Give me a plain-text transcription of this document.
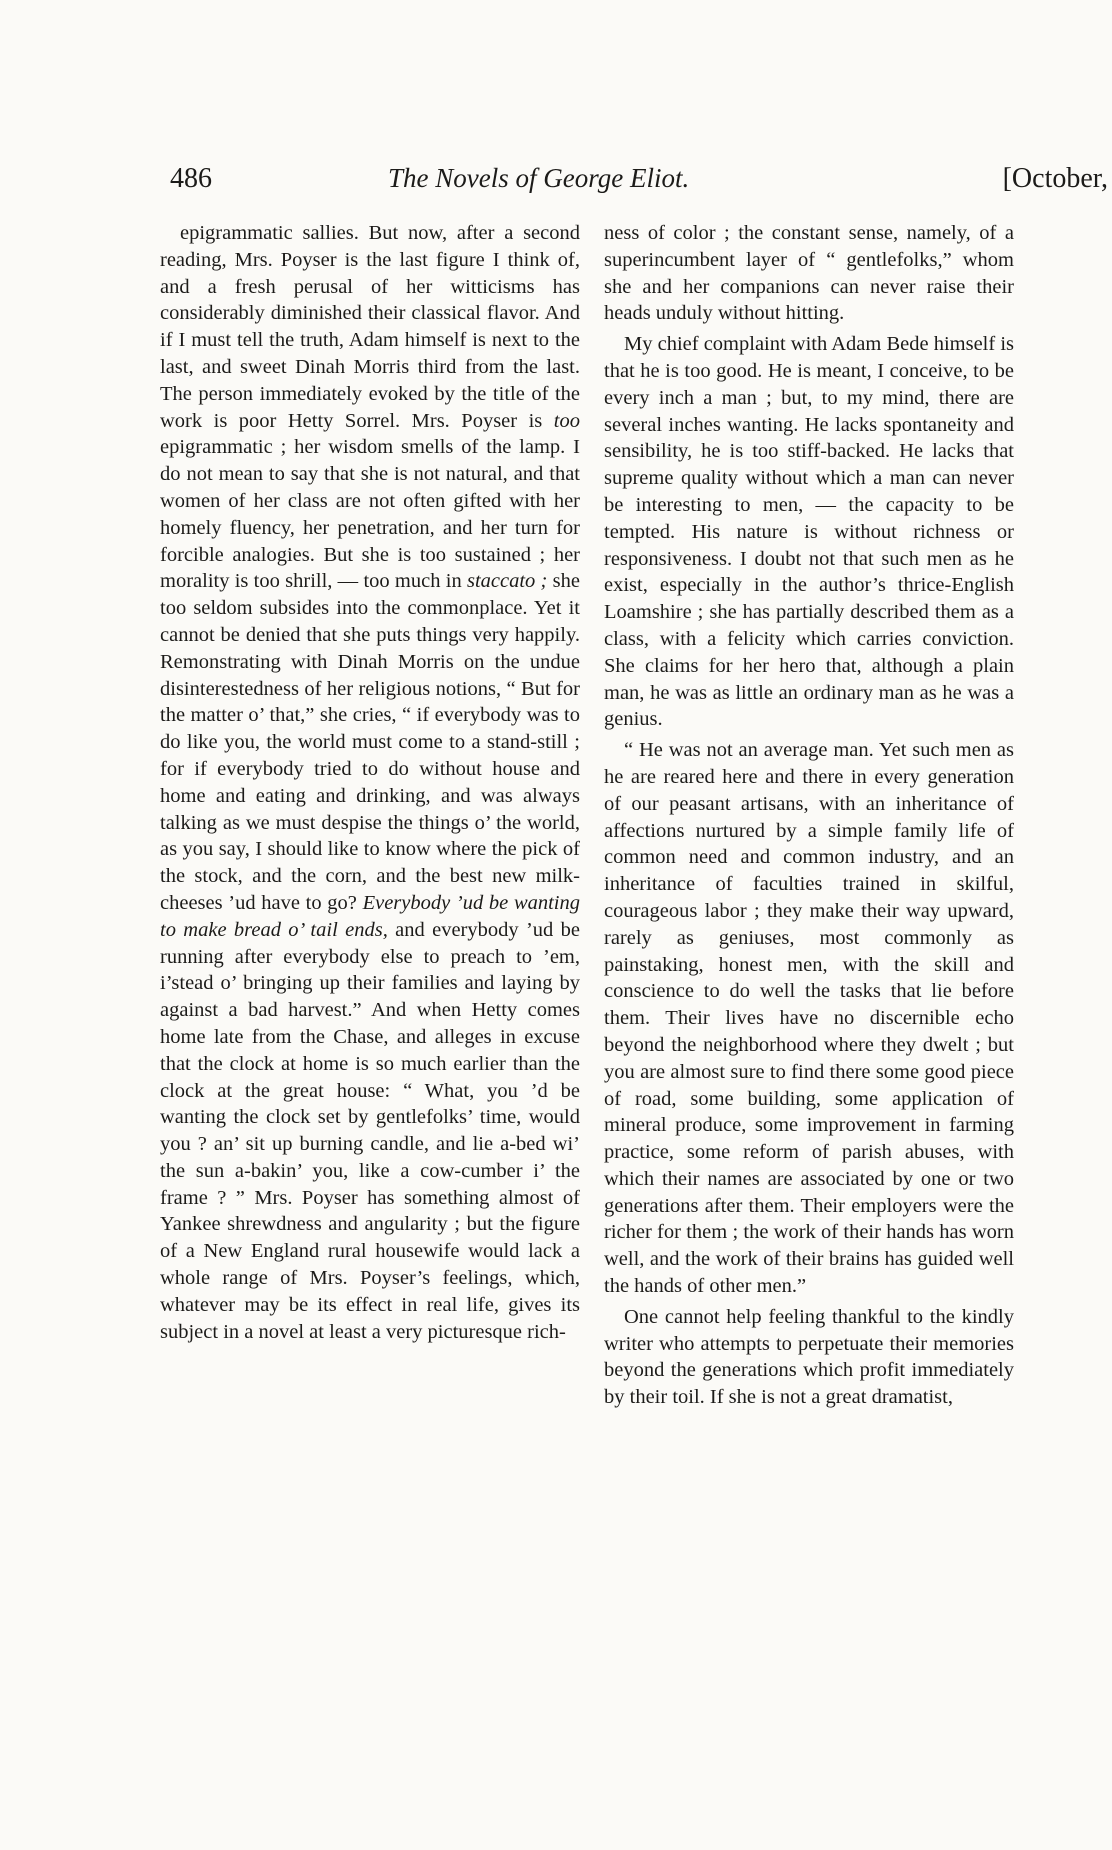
486	The Novels of George Eliot.	[October,

epigrammatic sallies. But now, after a second reading, Mrs. Poyser is the last figure I think of, and a fresh perusal of her witticisms has considerably diminished their classical flavor. And if I must tell the truth, Adam himself is next to the last, and sweet Dinah Morris third from the last. The person immediately evoked by the title of the work is poor Hetty Sorrel. Mrs. Poyser is too epigrammatic ; her wisdom smells of the lamp. I do not mean to say that she is not natural, and that women of her class are not often gifted with her homely fluency, her penetration, and her turn for forcible analogies. But she is too sustained ; her morality is too shrill, — too much in staccato ; she too seldom subsides into the commonplace. Yet it cannot be denied that she puts things very happily. Remonstrating with Dinah Morris on the undue disinterestedness of her religious notions, “ But for the matter o’ that,” she cries, “ if everybody was to do like you, the world must come to a stand-still ; for if everybody tried to do without house and home and eating and drinking, and was always talking as we must despise the things o’ the world, as you say, I should like to know where the pick of the stock, and the corn, and the best new milk-cheeses ’ud have to go? Everybody ’ud be wanting to make bread o’ tail ends, and everybody ’ud be running after everybody else to preach to ’em, i’stead o’ bringing up their families and laying by against a bad harvest.” And when Hetty comes home late from the Chase, and alleges in excuse that the clock at home is so much earlier than the clock at the great house: “ What, you ’d be wanting the clock set by gentlefolks’ time, would you ? an’ sit up burning candle, and lie a-bed wi’ the sun a-bakin’ you, like a cow-cumber i’ the frame ? ” Mrs. Poyser has something almost of Yankee shrewdness and angularity ; but the figure of a New England rural housewife would lack a whole range of Mrs. Poyser’s feelings, which, whatever may be its effect in real life, gives its subject in a novel at least a very picturesque rich-

ness of color ; the constant sense, namely, of a superincumbent layer of “ gentlefolks,” whom she and her companions can never raise their heads unduly without hitting.

My chief complaint with Adam Bede himself is that he is too good. He is meant, I conceive, to be every inch a man ; but, to my mind, there are several inches wanting. He lacks spontaneity and sensibility, he is too stiff-backed. He lacks that supreme quality without which a man can never be interesting to men, — the capacity to be tempted. His nature is without richness or responsiveness. I doubt not that such men as he exist, especially in the author’s thrice-English Loamshire ; she has partially described them as a class, with a felicity which carries conviction. She claims for her hero that, although a plain man, he was as little an ordinary man as he was a genius.

“ He was not an average man. Yet such men as he are reared here and there in every generation of our peasant artisans, with an inheritance of affections nurtured by a simple family life of common need and common industry, and an inheritance of faculties trained in skilful, courageous labor ; they make their way upward, rarely as geniuses, most commonly as painstaking, honest men, with the skill and conscience to do well the tasks that lie before them. Their lives have no discernible echo beyond the neighborhood where they dwelt ; but you are almost sure to find there some good piece of road, some building, some application of mineral produce, some improvement in farming practice, some reform of parish abuses, with which their names are associated by one or two generations after them. Their employers were the richer for them ; the work of their hands has worn well, and the work of their brains has guided well the hands of other men.”

One cannot help feeling thankful to the kindly writer who attempts to perpetuate their memories beyond the generations which profit immediately by their toil. If she is not a great dramatist,
